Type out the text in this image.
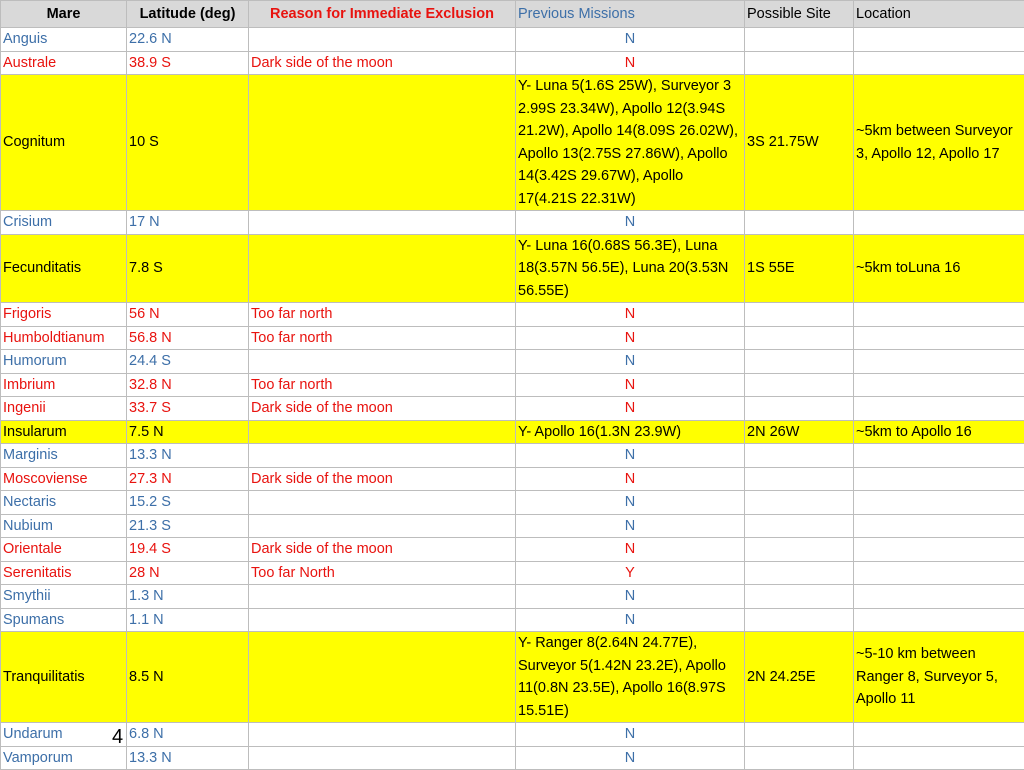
Mare	Latitude (deg)	Reason for Immediate Exclusion	Previous Missions	Possible Site	Location
Anguis	22.6 N		N		
Australe	38.9 S	Dark side of the moon	N		
Cognitum	10 S		Y- Luna 5(1.6S 25W), Surveyor 3 2.99S 23.34W), Apollo 12(3.94S 21.2W), Apollo 14(8.09S 26.02W), Apollo 13(2.75S 27.86W), Apollo 14(3.42S 29.67W), Apollo 17(4.21S 22.31W)	3S 21.75W	~5km between Surveyor 3, Apollo 12, Apollo 17
Crisium	17 N		N		
Fecunditatis	7.8 S		Y- Luna 16(0.68S 56.3E), Luna 18(3.57N 56.5E), Luna 20(3.53N 56.55E)	1S 55E	~5km toLuna 16
Frigoris	56 N	Too far north	N		
Humboldtianum	56.8 N	Too far north	N		
Humorum	24.4 S		N		
Imbrium	32.8 N	Too far north	N		
Ingenii	33.7 S	Dark side of the moon	N		
Insularum	7.5 N		Y- Apollo 16(1.3N 23.9W)	2N 26W	~5km to Apollo 16
Marginis	13.3 N		N		
Moscoviense	27.3 N	Dark side of the moon	N		
Nectaris	15.2 S		N		
Nubium	21.3 S		N		
Orientale	19.4 S	Dark side of the moon	N		
Serenitatis	28 N	Too far North	Y		
Smythii	1.3 N		N		
Spumans	1.1 N		N		
Tranquilitatis	8.5 N		Y- Ranger 8(2.64N 24.77E), Surveyor 5(1.42N 23.2E), Apollo 11(0.8N 23.5E), Apollo 16(8.97S 15.51E)	2N 24.25E	~5-10 km between Ranger 8, Surveyor 5, Apollo 11
Undarum	6.8 N		N		
Vamporum	13.3 N		N		
4
